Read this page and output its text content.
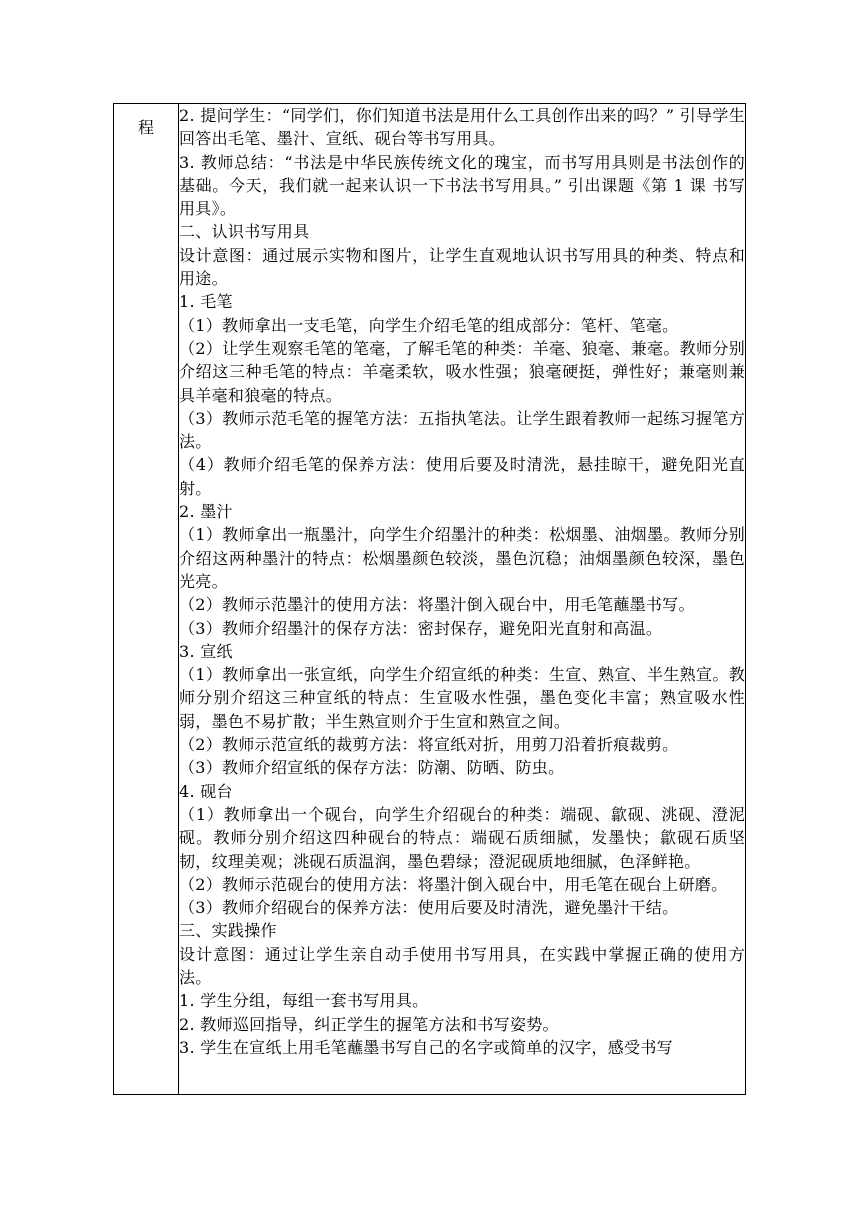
程

2. 提问学生：“同学们，你们知道书法是用什么工具创作出来的吗？” 引导学生回答出毛笔、墨汁、宣纸、砚台等书写用具。

3. 教师总结：“书法是中华民族传统文化的瑰宝，而书写用具则是书法创作的基础。今天，我们就一起来认识一下书法书写用具。” 引出课题《第 1 课 书写用具》。

二、认识书写用具

设计意图：通过展示实物和图片，让学生直观地认识书写用具的种类、特点和用途。

1. 毛笔

（1）教师拿出一支毛笔，向学生介绍毛笔的组成部分：笔杆、笔毫。

（2）让学生观察毛笔的笔毫，了解毛笔的种类：羊毫、狼毫、兼毫。教师分别介绍这三种毛笔的特点：羊毫柔软，吸水性强；狼毫硬挺，弹性好；兼毫则兼具羊毫和狼毫的特点。

（3）教师示范毛笔的握笔方法：五指执笔法。让学生跟着教师一起练习握笔方法。

（4）教师介绍毛笔的保养方法：使用后要及时清洗，悬挂晾干，避免阳光直射。

2. 墨汁

（1）教师拿出一瓶墨汁，向学生介绍墨汁的种类：松烟墨、油烟墨。教师分别介绍这两种墨汁的特点：松烟墨颜色较淡，墨色沉稳；油烟墨颜色较深，墨色光亮。

（2）教师示范墨汁的使用方法：将墨汁倒入砚台中，用毛笔蘸墨书写。

（3）教师介绍墨汁的保存方法：密封保存，避免阳光直射和高温。

3. 宣纸

（1）教师拿出一张宣纸，向学生介绍宣纸的种类：生宣、熟宣、半生熟宣。教师分别介绍这三种宣纸的特点：生宣吸水性强，墨色变化丰富；熟宣吸水性弱，墨色不易扩散；半生熟宣则介于生宣和熟宣之间。

（2）教师示范宣纸的裁剪方法：将宣纸对折，用剪刀沿着折痕裁剪。

（3）教师介绍宣纸的保存方法：防潮、防晒、防虫。

4. 砚台

（1）教师拿出一个砚台，向学生介绍砚台的种类：端砚、歙砚、洮砚、澄泥砚。教师分别介绍这四种砚台的特点：端砚石质细腻，发墨快；歙砚石质坚韧，纹理美观；洮砚石质温润，墨色碧绿；澄泥砚质地细腻，色泽鲜艳。

（2）教师示范砚台的使用方法：将墨汁倒入砚台中，用毛笔在砚台上研磨。

（3）教师介绍砚台的保养方法：使用后要及时清洗，避免墨汁干结。

三、实践操作

设计意图：通过让学生亲自动手使用书写用具，在实践中掌握正确的使用方法。

1. 学生分组，每组一套书写用具。

2. 教师巡回指导，纠正学生的握笔方法和书写姿势。

3. 学生在宣纸上用毛笔蘸墨书写自己的名字或简单的汉字，感受书写
